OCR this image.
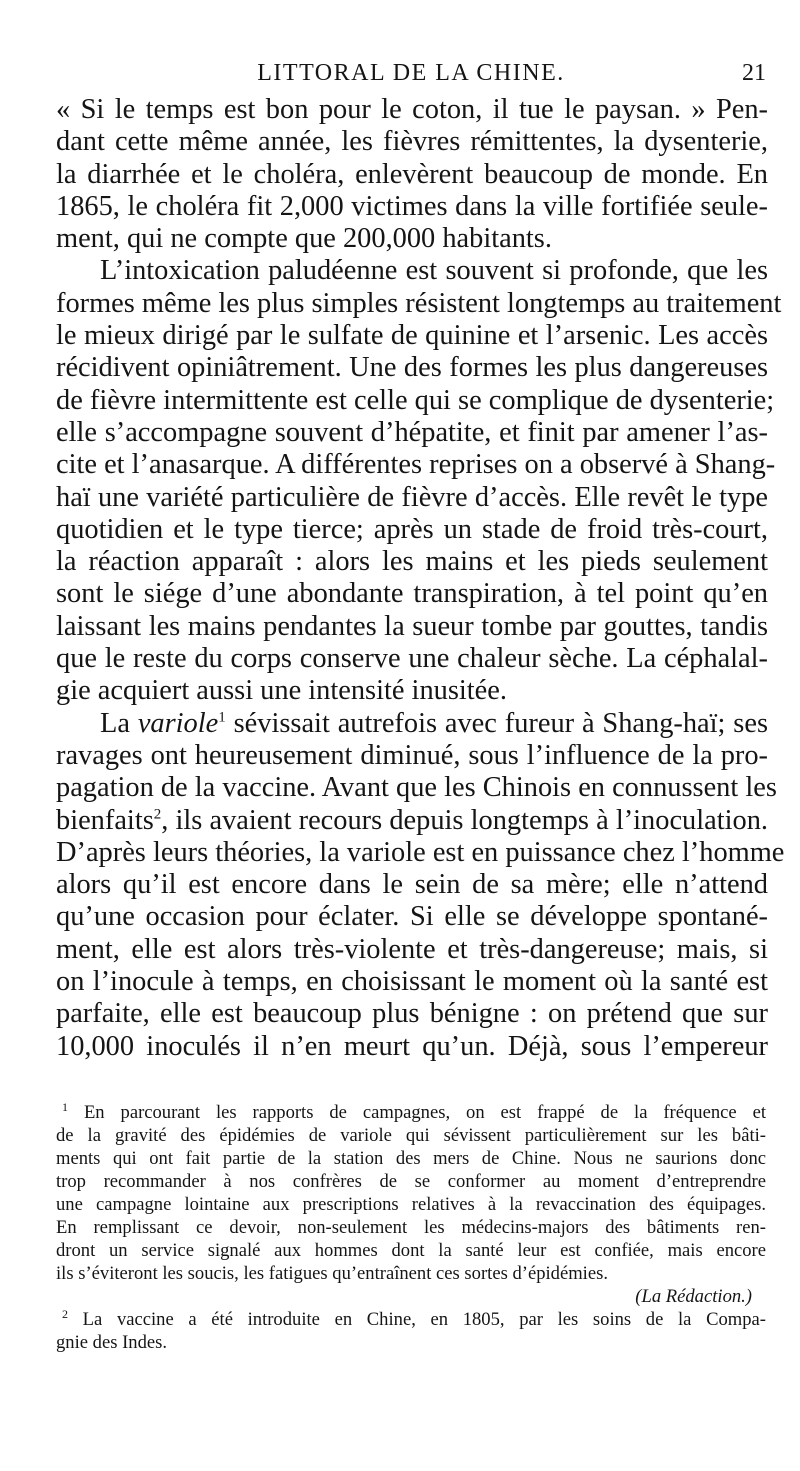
LITTORAL DE LA CHINE.	21
« Si le temps est bon pour le coton, il tue le paysan. » Pen-
dant cette même année, les fièvres rémittentes, la dysenterie,
la diarrhée et le choléra, enlevèrent beaucoup de monde. En
1865, le choléra fit 2,000 victimes dans la ville fortifiée seule-
ment, qui ne compte que 200,000 habitants.
L’intoxication paludéenne est souvent si profonde, que les
formes même les plus simples résistent longtemps au traitement
le mieux dirigé par le sulfate de quinine et l’arsenic. Les accès
récidivent opiniâtrement. Une des formes les plus dangereuses
de fièvre intermittente est celle qui se complique de dysenterie;
elle s’accompagne souvent d’hépatite, et finit par amener l’as-
cite et l’anasarque. A différentes reprises on a observé à Shang-
haï une variété particulière de fièvre d’accès. Elle revêt le type
quotidien et le type tierce; après un stade de froid très-court,
la réaction apparaît : alors les mains et les pieds seulement
sont le siége d’une abondante transpiration, à tel point qu’en
laissant les mains pendantes la sueur tombe par gouttes, tandis
que le reste du corps conserve une chaleur sèche. La céphalal-
gie acquiert aussi une intensité inusitée.
La variole$^1$ sévissait autrefois avec fureur à Shang-haï; ses
ravages ont heureusement diminué, sous l’influence de la pro-
pagation de la vaccine. Avant que les Chinois en connussent les
bienfaits$^2$, ils avaient recours depuis longtemps à l’inoculation.
D’après leurs théories, la variole est en puissance chez l’homme
alors qu’il est encore dans le sein de sa mère; elle n’attend
qu’une occasion pour éclater. Si elle se développe spontané-
ment, elle est alors très-violente et très-dangereuse; mais, si
on l’inocule à temps, en choisissant le moment où la santé est
parfaite, elle est beaucoup plus bénigne : on prétend que sur
10,000 inoculés il n’en meurt qu’un. Déjà, sous l’empereur
$^1$ En parcourant les rapports de campagnes, on est frappé de la fréquence et
de la gravité des épidémies de variole qui sévissent particulièrement sur les bâti-
ments qui ont fait partie de la station des mers de Chine. Nous ne saurions donc
trop recommander à nos confrères de se conformer au moment d’entreprendre
une campagne lointaine aux prescriptions relatives à la revaccination des équipages.
En remplissant ce devoir, non-seulement les médecins-majors des bâtiments ren-
dront un service signalé aux hommes dont la santé leur est confiée, mais encore
ils s’éviteront les soucis, les fatigues qu’entraînent ces sortes d’épidémies.
(La Rédaction.)
$^2$ La vaccine a été introduite en Chine, en 1805, par les soins de la Compa-
gnie des Indes.
